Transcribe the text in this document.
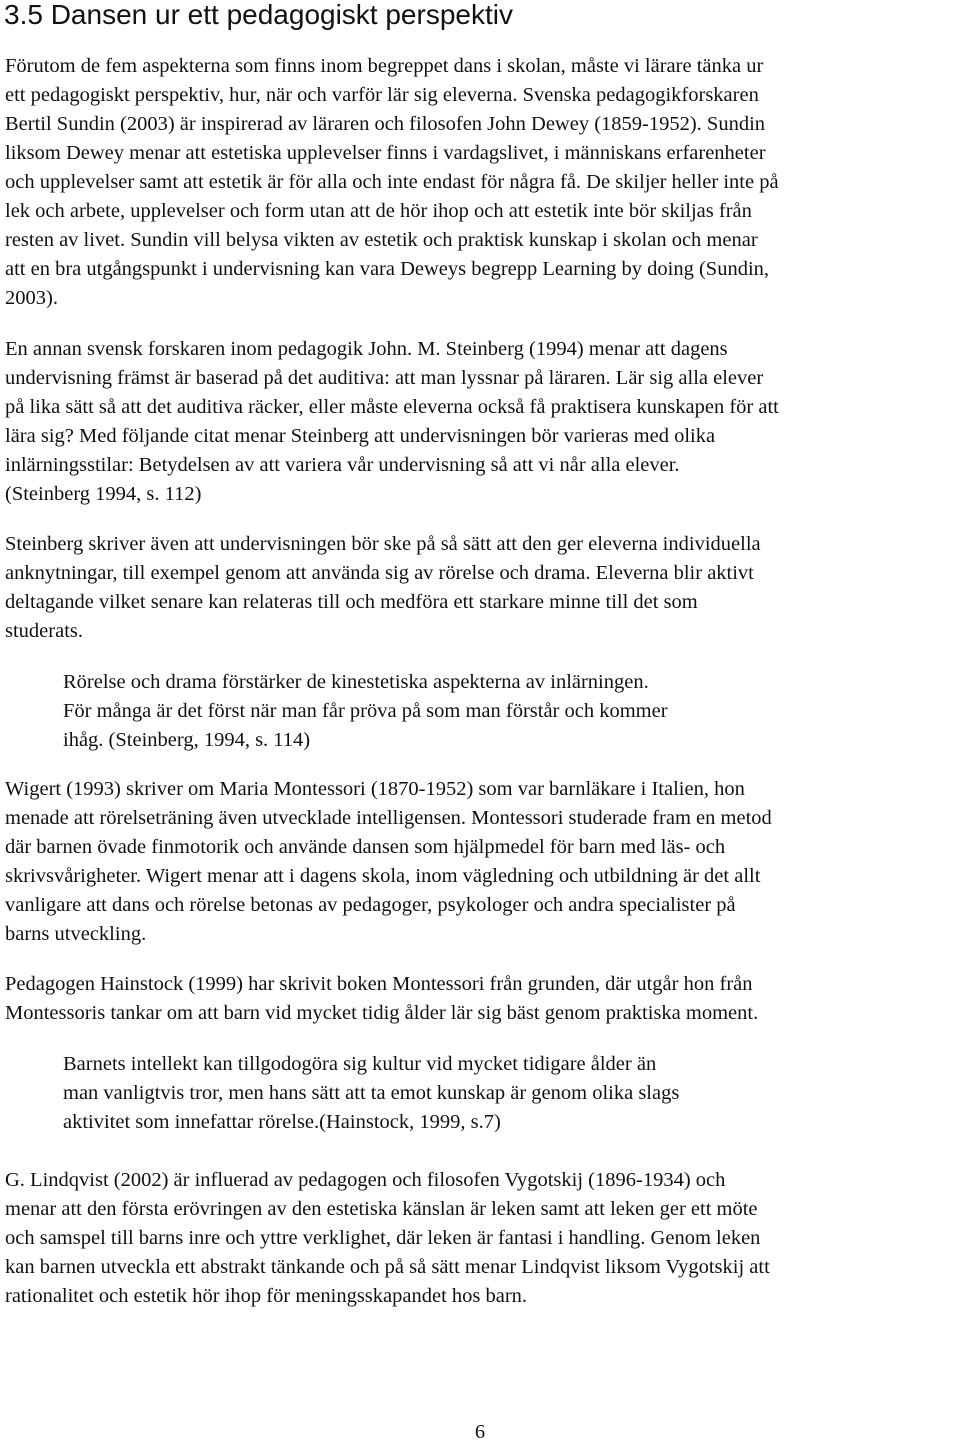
3.5 Dansen ur ett pedagogiskt perspektiv

Förutom de fem aspekterna som finns inom begreppet dans i skolan, måste vi lärare tänka ur
ett pedagogiskt perspektiv, hur, när och varför lär sig eleverna. Svenska pedagogikforskaren
Bertil Sundin (2003) är inspirerad av läraren och filosofen John Dewey (1859-1952). Sundin
liksom Dewey menar att estetiska upplevelser finns i vardagslivet, i människans erfarenheter
och upplevelser samt att estetik är för alla och inte endast för några få. De skiljer heller inte på
lek och arbete, upplevelser och form utan att de hör ihop och att estetik inte bör skiljas från
resten av livet. Sundin vill belysa vikten av estetik och praktisk kunskap i skolan och menar
att en bra utgångspunkt i undervisning kan vara Deweys begrepp Learning by doing (Sundin,
2003).

En annan svensk forskaren inom pedagogik John. M. Steinberg (1994) menar att dagens
undervisning främst är baserad på det auditiva: att man lyssnar på läraren. Lär sig alla elever
på lika sätt så att det auditiva räcker, eller måste eleverna också få praktisera kunskapen för att
lära sig? Med följande citat menar Steinberg att undervisningen bör varieras med olika
inlärningsstilar: Betydelsen av att variera vår undervisning så att vi når alla elever.
(Steinberg 1994, s. 112)

Steinberg skriver även att undervisningen bör ske på så sätt att den ger eleverna individuella
anknytningar, till exempel genom att använda sig av rörelse och drama. Eleverna blir aktivt
deltagande vilket senare kan relateras till och medföra ett starkare minne till det som
studerats.

Rörelse och drama förstärker de kinestetiska aspekterna av inlärningen.
För många är det först när man får pröva på som man förstår och kommer
ihåg. (Steinberg, 1994, s. 114)

Wigert (1993) skriver om Maria Montessori (1870-1952) som var barnläkare i Italien, hon
menade att rörelseträning även utvecklade intelligensen. Montessori studerade fram en metod
där barnen övade finmotorik och använde dansen som hjälpmedel för barn med läs- och
skrivsvårigheter. Wigert menar att i dagens skola, inom vägledning och utbildning är det allt
vanligare att dans och rörelse betonas av pedagoger, psykologer och andra specialister på
barns utveckling.

Pedagogen Hainstock (1999) har skrivit boken Montessori från grunden, där utgår hon från
Montessoris tankar om att barn vid mycket tidig ålder lär sig bäst genom praktiska moment.

Barnets intellekt kan tillgodogöra sig kultur vid mycket tidigare ålder än
man vanligtvis tror, men hans sätt att ta emot kunskap är genom olika slags
aktivitet som innefattar rörelse.(Hainstock, 1999, s.7)

G. Lindqvist (2002) är influerad av pedagogen och filosofen Vygotskij (1896-1934) och
menar att den första erövringen av den estetiska känslan är leken samt att leken ger ett möte
och samspel till barns inre och yttre verklighet, där leken är fantasi i handling. Genom leken
kan barnen utveckla ett abstrakt tänkande och på så sätt menar Lindqvist liksom Vygotskij att
rationalitet och estetik hör ihop för meningsskapandet hos barn.

6
